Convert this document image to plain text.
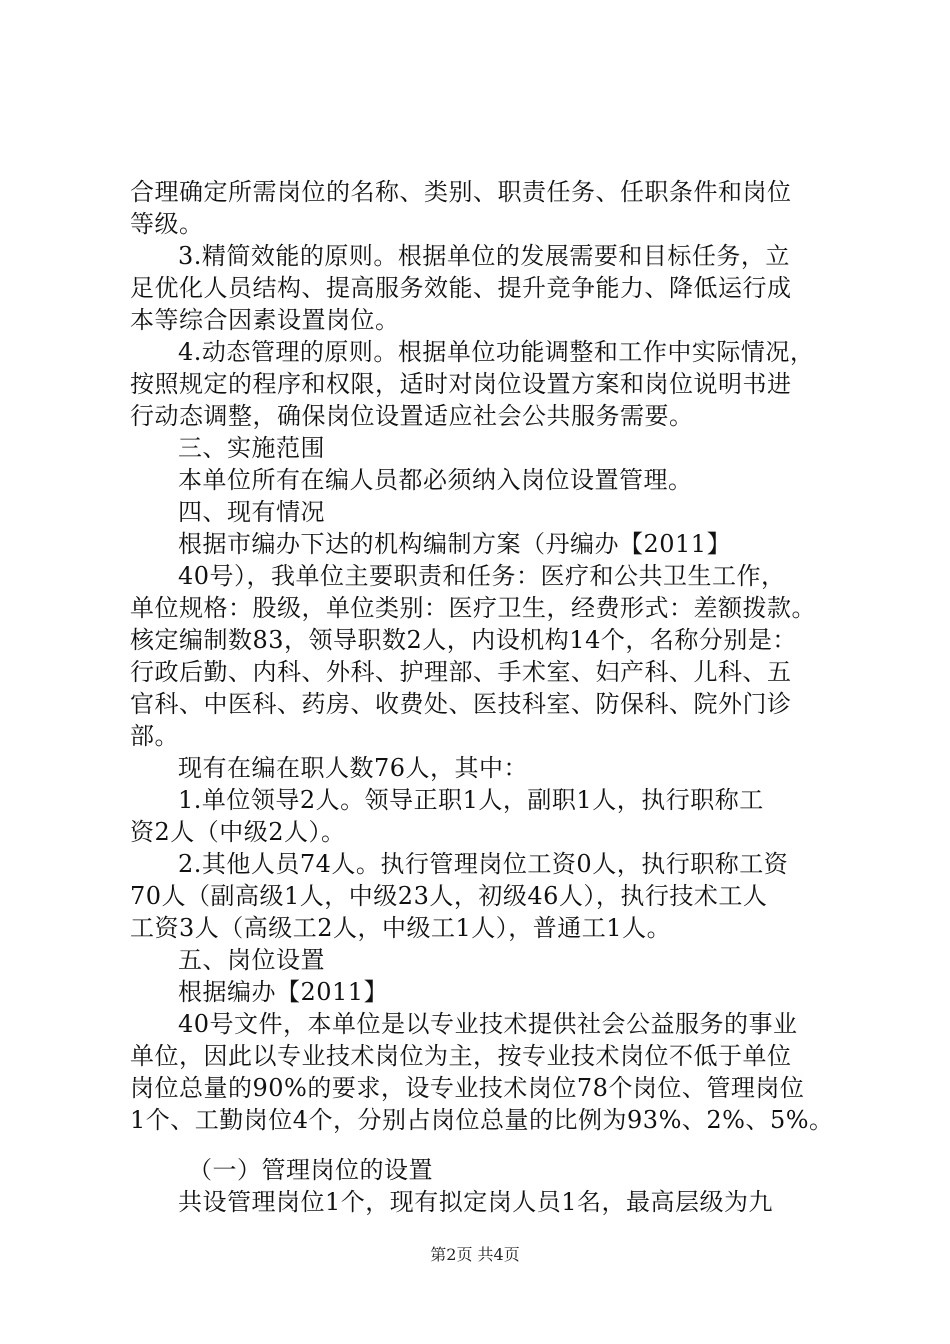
合理确定所需岗位的名称、类别、职责任务、任职条件和岗位
等级。
3.精简效能的原则。根据单位的发展需要和目标任务，立
足优化人员结构、提高服务效能、提升竞争能力、降低运行成
本等综合因素设置岗位。
4.动态管理的原则。根据单位功能调整和工作中实际情况，
按照规定的程序和权限，适时对岗位设置方案和岗位说明书进
行动态调整，确保岗位设置适应社会公共服务需要。
三、实施范围
本单位所有在编人员都必须纳入岗位设置管理。
四、现有情况
根据市编办下达的机构编制方案（丹编办【2011】
40号），我单位主要职责和任务：医疗和公共卫生工作，
单位规格：股级，单位类别：医疗卫生，经费形式：差额拨款。
核定编制数83，领导职数2人，内设机构14个，名称分别是：
行政后勤、内科、外科、护理部、手术室、妇产科、儿科、五
官科、中医科、药房、收费处、医技科室、防保科、院外门诊
部。
现有在编在职人数76人，其中：
1.单位领导2人。领导正职1人，副职1人，执行职称工
资2人（中级2人）。
2.其他人员74人。执行管理岗位工资0人，执行职称工资
70人（副高级1人，中级23人，初级46人），执行技术工人
工资3人（高级工2人，中级工1人），普通工1人。
五、岗位设置
根据编办【2011】
40号文件，本单位是以专业技术提供社会公益服务的事业
单位，因此以专业技术岗位为主，按专业技术岗位不低于单位
岗位总量的90%的要求，设专业技术岗位78个岗位、管理岗位
1个、工勤岗位4个，分别占岗位总量的比例为93%、2%、5%。
（一）管理岗位的设置
共设管理岗位1个，现有拟定岗人员1名，最高层级为九
第2页 共4页
